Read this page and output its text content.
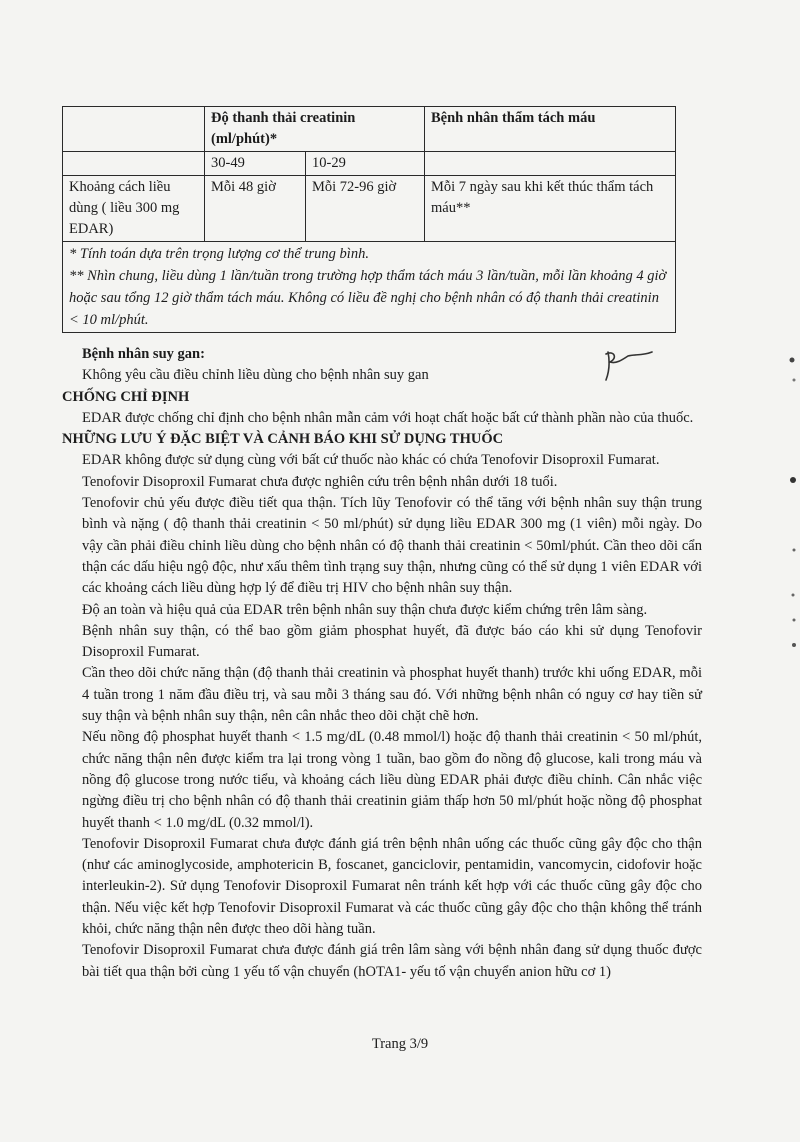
	Độ thanh thải creatinin (ml/phút)*		Bệnh nhân thẩm tách máu
	30-49	10-29	
Khoảng cách liều dùng ( liều 300 mg EDAR)	Mỗi 48 giờ	Mỗi 72-96 giờ	Mỗi 7 ngày sau khi kết thúc thẩm tách máu**

* Tính toán dựa trên trọng lượng cơ thể trung bình.
** Nhìn chung, liều dùng 1 lần/tuần trong trường hợp thẩm tách máu 3 lần/tuần, mỗi lần khoảng 4 giờ hoặc sau tổng 12 giờ thẩm tách máu. Không có liều đề nghị cho bệnh nhân có độ thanh thải creatinin < 10 ml/phút.			

Bệnh nhân suy gan:

Không yêu cầu điều chỉnh liều dùng cho bệnh nhân suy gan

CHỐNG CHỈ ĐỊNH

EDAR được chống chỉ định cho bệnh nhân mẫn cảm với hoạt chất hoặc bất cứ thành phần nào của thuốc.

NHỮNG LƯU Ý ĐẶC BIỆT VÀ CẢNH BÁO KHI SỬ DỤNG THUỐC

EDAR không được sử dụng cùng với bất cứ thuốc nào khác có chứa Tenofovir Disoproxil Fumarat.

Tenofovir Disoproxil Fumarat chưa được nghiên cứu trên bệnh nhân dưới 18 tuổi.

Tenofovir chủ yếu được điều tiết qua thận. Tích lũy Tenofovir có thể tăng với bệnh nhân suy thận trung bình và nặng ( độ thanh thải creatinin < 50 ml/phút) sử dụng liều EDAR 300 mg (1 viên) mỗi ngày. Do vậy cần phải điều chỉnh liều dùng cho bệnh nhân có độ thanh thải creatinin < 50ml/phút. Cần theo dõi cẩn thận các dấu hiệu ngộ độc, như xấu thêm tình trạng suy thận, nhưng cũng có thể sử dụng 1 viên EDAR với các khoảng cách liều dùng hợp lý để điều trị HIV cho bệnh nhân suy thận.

Độ an toàn và hiệu quả của EDAR trên bệnh nhân suy thận chưa được kiểm chứng trên lâm sàng.

Bệnh nhân suy thận, có thể bao gồm giảm phosphat huyết, đã được báo cáo khi sử dụng Tenofovir Disoproxil Fumarat.

Cần theo dõi chức năng thận (độ thanh thải creatinin và phosphat huyết thanh) trước khi uống EDAR, mỗi 4 tuần trong 1 năm đầu điều trị, và sau mỗi 3 tháng sau đó. Với những bệnh nhân có nguy cơ hay tiền sử suy thận và bệnh nhân suy thận, nên cân nhắc theo dõi chặt chẽ hơn.

Nếu nồng độ phosphat huyết thanh < 1.5 mg/dL (0.48 mmol/l) hoặc độ thanh thải creatinin < 50 ml/phút, chức năng thận nên được kiểm tra lại trong vòng 1 tuần, bao gồm đo nồng độ glucose, kali trong máu và nồng độ glucose trong nước tiểu, và khoảng cách liều dùng EDAR phải được điều chỉnh. Cân nhắc việc ngừng điều trị cho bệnh nhân có độ thanh thải creatinin giảm thấp hơn 50 ml/phút hoặc nồng độ phosphat huyết thanh < 1.0 mg/dL (0.32 mmol/l).

Tenofovir Disoproxil Fumarat chưa được đánh giá trên bệnh nhân uống các thuốc cũng gây độc cho thận (như các aminoglycoside, amphotericin B, foscanet, ganciclovir, pentamidin, vancomycin, cidofovir hoặc interleukin-2). Sử dụng Tenofovir Disoproxil Fumarat nên tránh kết hợp với các thuốc cũng gây độc cho thận. Nếu việc kết hợp Tenofovir Disoproxil Fumarat và các thuốc cũng gây độc cho thận không thể tránh khỏi, chức năng thận nên được theo dõi hàng tuần.

Tenofovir Disoproxil Fumarat chưa được đánh giá trên lâm sàng với bệnh nhân đang sử dụng thuốc được bài tiết qua thận bởi cùng 1 yếu tố vận chuyển (hOTA1- yếu tố vận chuyển anion hữu cơ 1)

Trang 3/9
